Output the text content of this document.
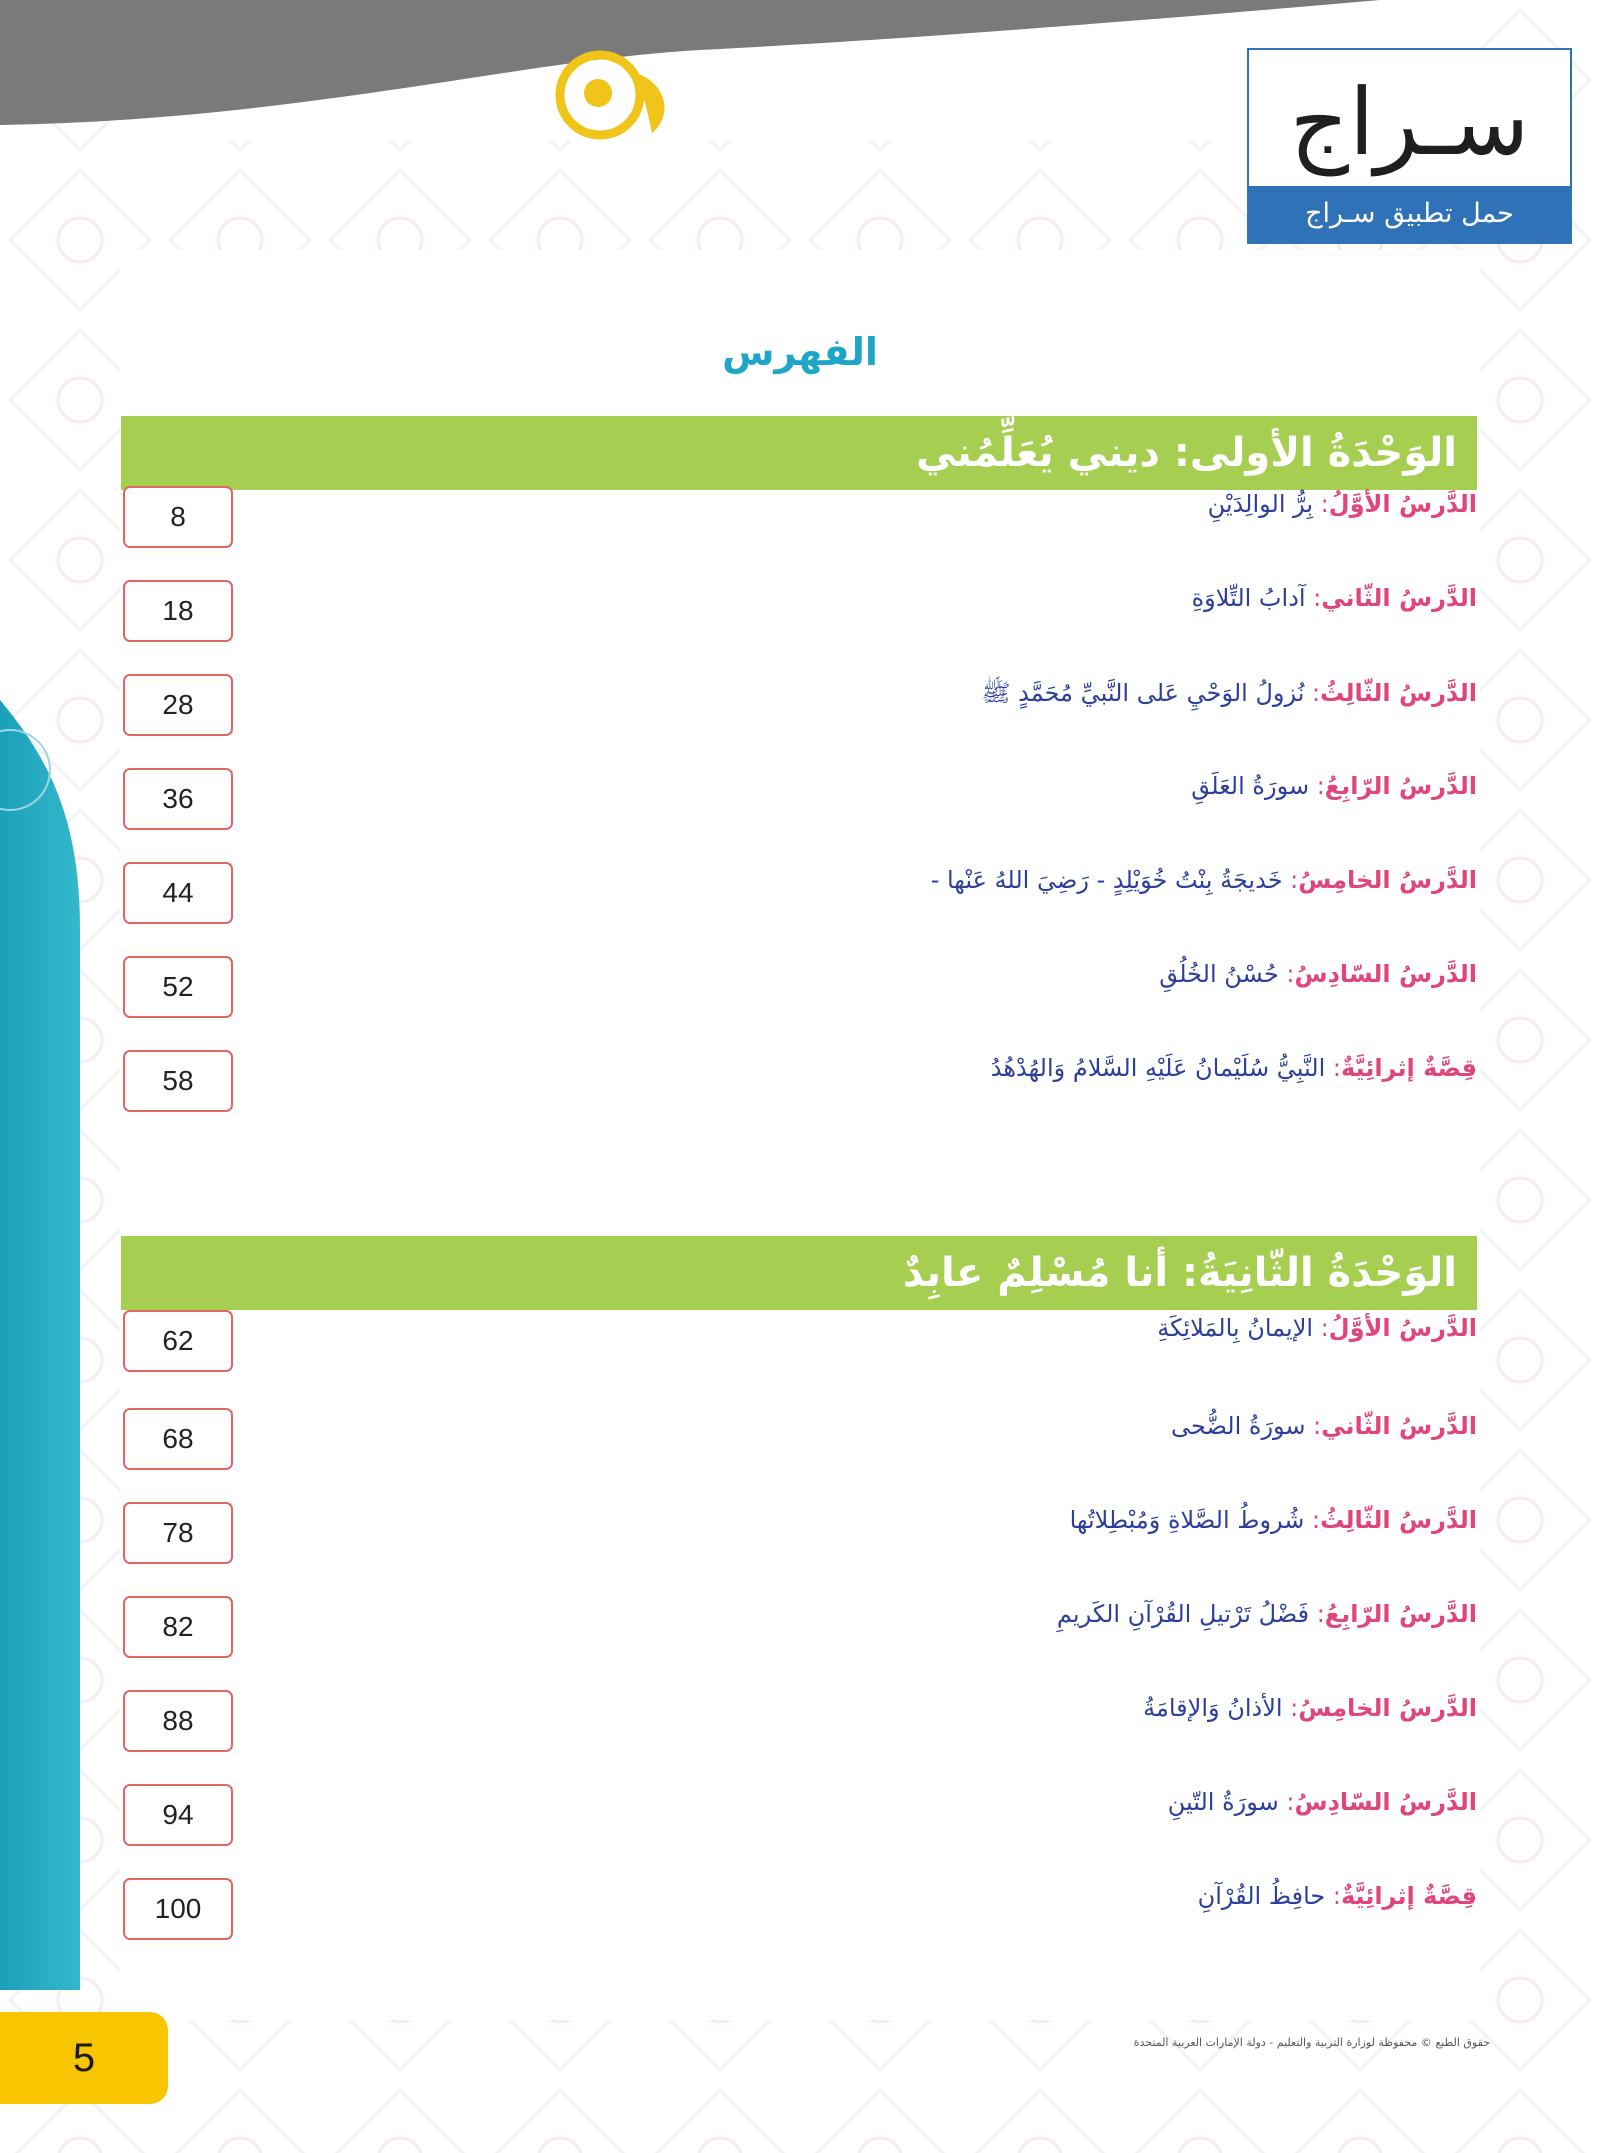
سـراج
حمل تطبيق سـراج
الفهرس
الوَحْدَةُ الأولى: ديني يُعَلِّمُني
8	الدَّرسُ الأوَّلُ: بِرُّ الوالِدَيْنِ
18	الدَّرسُ الثّاني: آدابُ التِّلاوَةِ
28	الدَّرسُ الثّالِثُ: نُزولُ الوَحْيِ عَلى النَّبيِّ مُحَمَّدٍ ﷺ
36	الدَّرسُ الرّابِعُ: سورَةُ العَلَقِ
44	الدَّرسُ الخامِسُ: خَديجَةُ بِنْتُ خُوَيْلِدٍ - رَضِيَ اللهُ عَنْها -
52	الدَّرسُ السّادِسُ: حُسْنُ الخُلُقِ
58	قِصَّةٌ إثرائِيَّةٌ: النَّبِيُّ سُلَيْمانُ عَلَيْهِ السَّلامُ وَالهُدْهُدُ
الوَحْدَةُ الثّانِيَةُ: أنا مُسْلِمٌ عابِدٌ
62	الدَّرسُ الأوَّلُ: الإيمانُ بِالمَلائِكَةِ
68	الدَّرسُ الثّاني: سورَةُ الضُّحى
78	الدَّرسُ الثّالِثُ: شُروطُ الصَّلاةِ وَمُبْطِلاتُها
82	الدَّرسُ الرّابِعُ: فَضْلُ تَرْتيلِ القُرْآنِ الكَريمِ
88	الدَّرسُ الخامِسُ: الأذانُ وَالإقامَةُ
94	الدَّرسُ السّادِسُ: سورَةُ التّينِ
100	قِصَّةٌ إثرائِيَّةٌ: حافِظُ القُرْآنِ
5	حقوق الطبع © محفوظة لوزارة التربية والتعليم - دولة الإمارات العربية المتحدة
